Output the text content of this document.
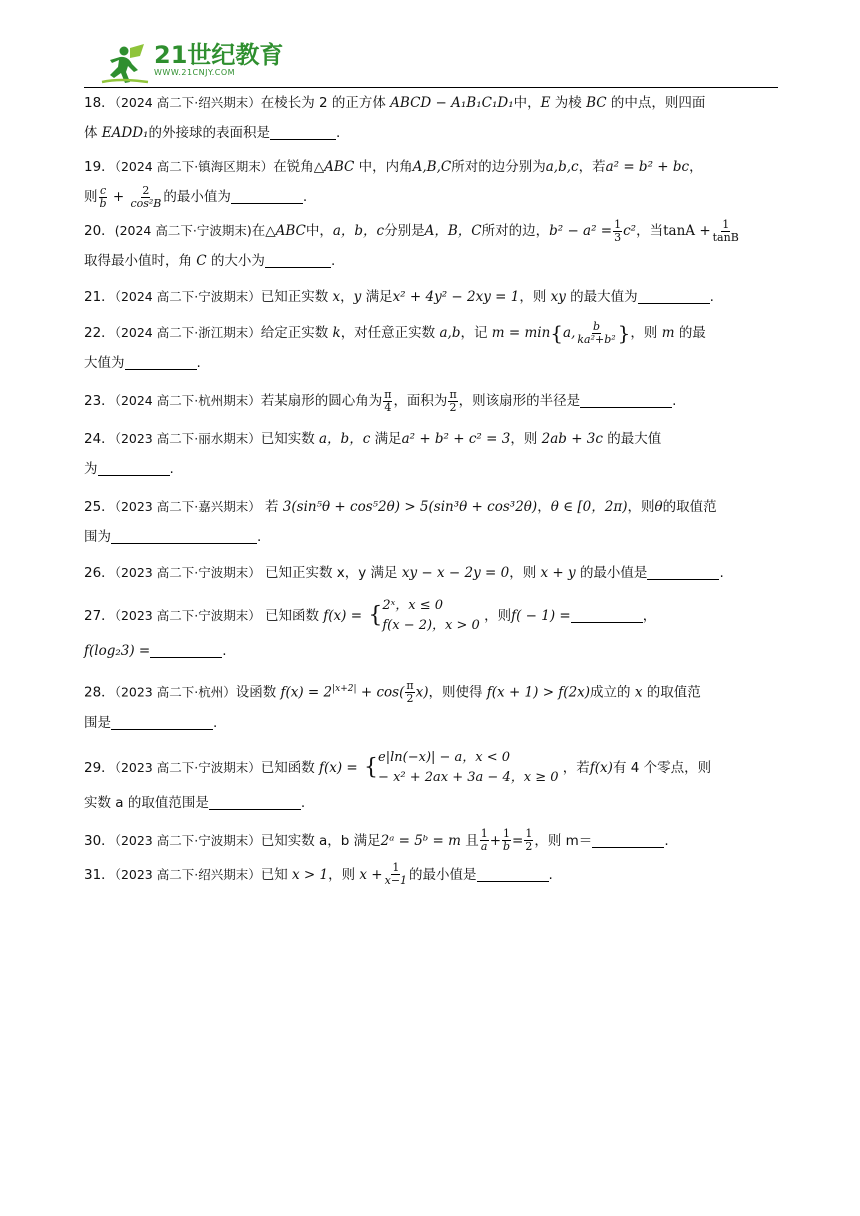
21世纪教育
WWW.21CNJY.COM
18．（2024 高二下·绍兴期末）在棱长为 2 的正方体 ABCD − A₁B₁C₁D₁中，E 为棱 BC 的中点，则四面
体 EADD₁的外接球的表面积是	.
19．（2024 高二下·镇海区期末）在锐角△ABC 中，内角A,B,C所对的边分别为a,b,c，若a² = b² + bc，
则 $\frac{c}{b} + \frac{2}{\text{cos²B}}$ 的最小值为	.
20．(2024 高二下·宁波期末)在△ABC中，a，b，c分别是A，B，C所对的边，$b^2 - a^2 = \frac{1}{3} c^2$，当$\tan A + \frac{1}{\tan B}$

取得最小值时，角 C 的大小为	.
21．（2024 高二下·宁波期末）已知正实数 x，y 满足x² + 4y² − 2xy = 1，则 xy 的最大值为	.
22．（2024 高二下·浙江期末）给定正实数 k，对任意正实数 a,b，记 m = min{a, $\frac{b}{\text{ka²+b²}}$ }，则 m 的最
大值为	.
23．（2024 高二下·杭州期末）若某扇形的圆心角为 $\frac{\pi}{4}$ ，面积为 $\frac{\pi}{2}$ ，则该扇形的半径是	.
24．（2023 高二下·丽水期末）已知实数 a，b，c 满足a² + b² + c² = 3，则 2ab + 3c 的最大值
为	.
25．（2023 高二下·嘉兴期末） 若 3(sin⁵θ + cos⁵2θ) > 5(sin³θ + cos³2θ)，θ ∈ [0，2π)，则θ的取值范
围为	.
26．（2023 高二下·宁波期末） 已知正实数 x，y 满足 xy − x − 2y = 0，则 x + y 的最小值是	.
27．（2023 高二下·宁波期末） 已知函数 f(x) = { 2ˣ，x ≤ 0
f(x − 2)，x > 0
，则f( − 1) =	，
f(log₂3) =	.
28．（2023 高二下·杭州）设函数 $f(x) = 2^{|x+2|} + \cos( \frac{\pi}{2} x)$，则使得 f(x + 1) > f(2x)成立的 x 的取值范
围是	.
29．（2023 高二下·宁波期末）已知函数 f(x) = { e|ln(−x)| − a，x < 0
− x² + 2ax + 3a − 4，x ≥ 0
，若f(x)有 4 个零点，则
实数 a 的取值范围是	.
30．（2023 高二下·宁波期末）已知实数 a，b 满足2ᵃ = 5ᵇ = m 且 $\frac{1}{a} + \frac{1}{b} = \frac{1}{2}$ ，则 m＝	.
31．（2023 高二下·绍兴期末）已知 x > 1，则 $x + \frac{1}{x-1}$ 的最小值是	.
